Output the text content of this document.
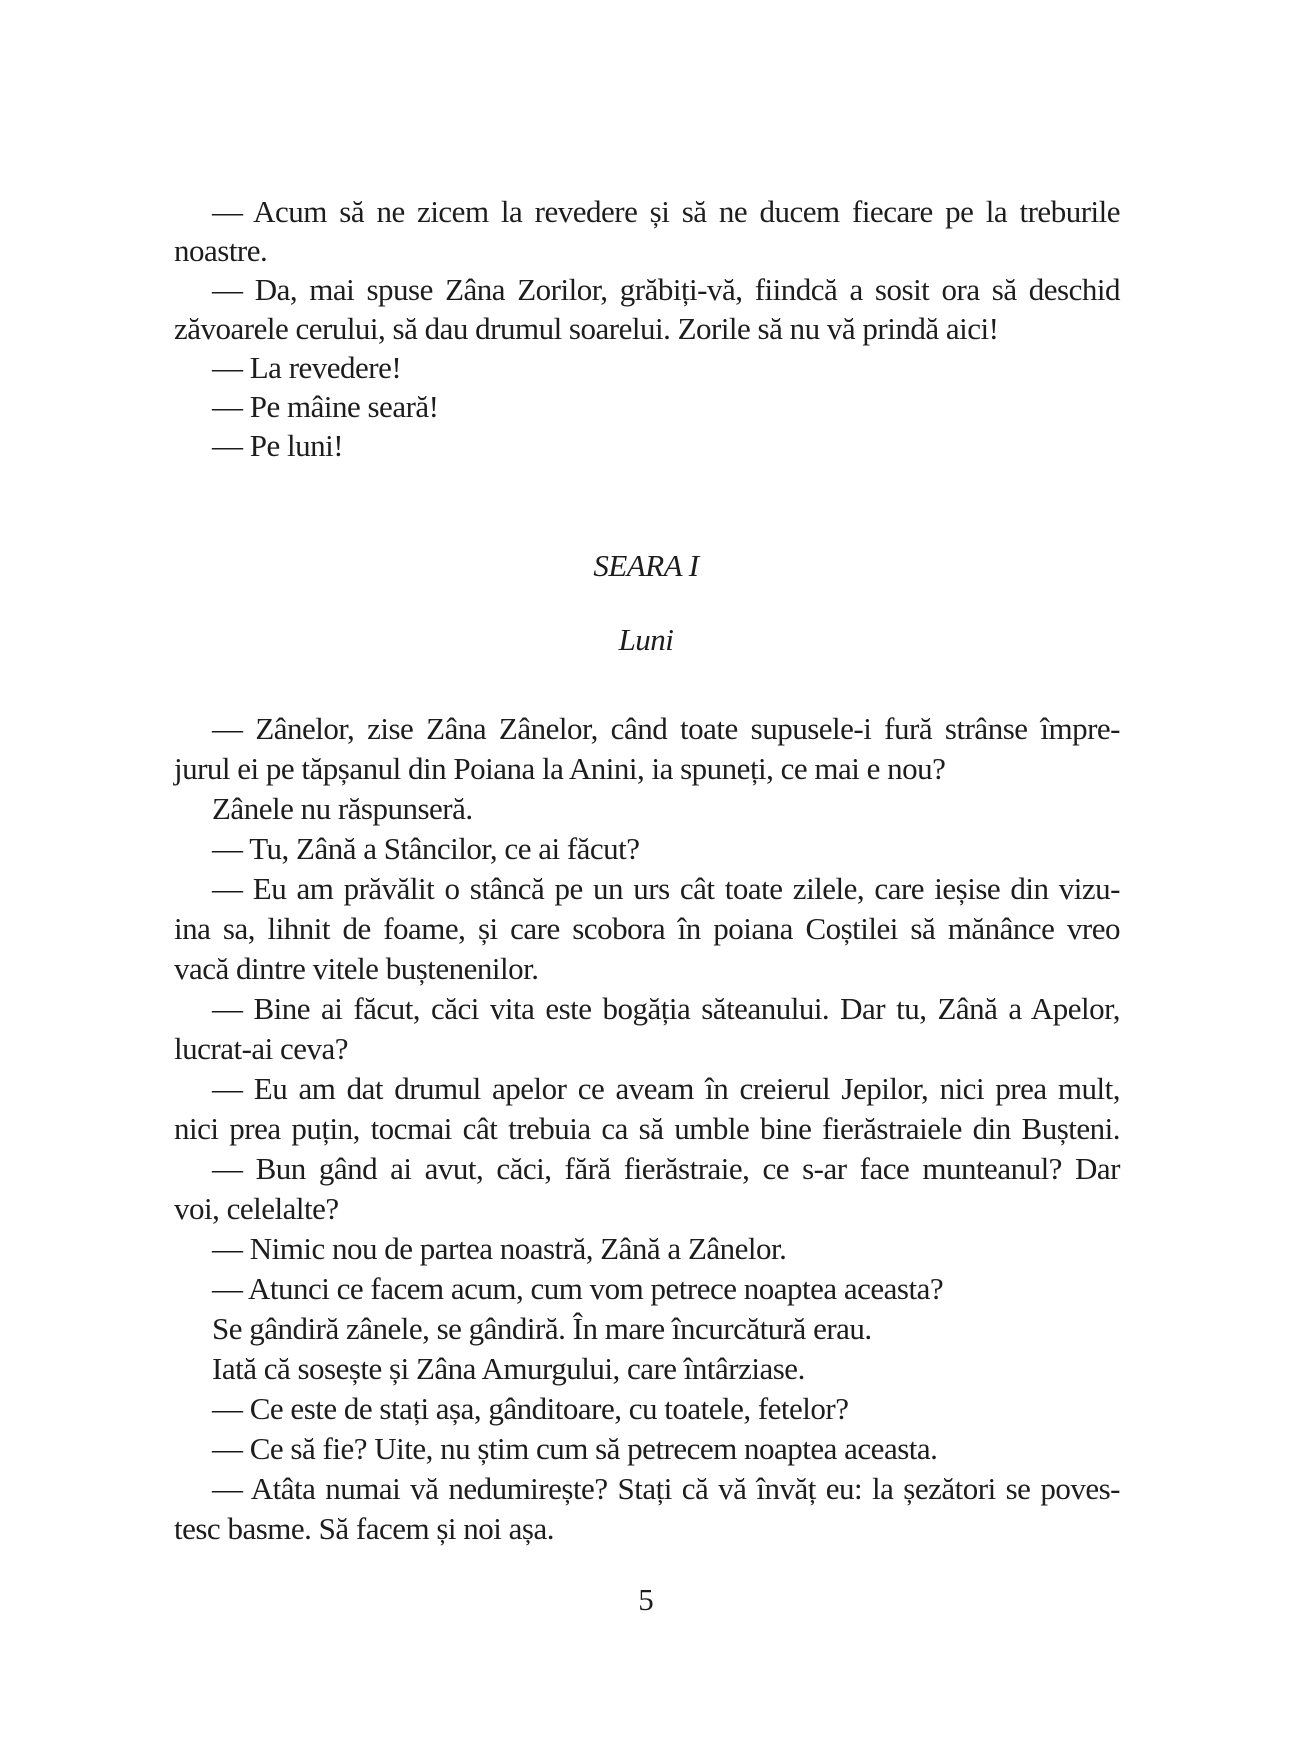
— Acum să ne zicem la revedere și să ne ducem fiecare pe la treburile
noastre.
— Da, mai spuse Zâna Zorilor, grăbiți-vă, fiindcă a sosit ora să deschid
zăvoarele cerului, să dau drumul soarelui. Zorile să nu vă prindă aici!
— La revedere!
— Pe mâine seară!
— Pe luni!
SEARA I
Luni
— Zânelor, zise Zâna Zânelor, când toate supusele-i fură strânse împre-
jurul ei pe tăpșanul din Poiana la Anini, ia spuneți, ce mai e nou?
Zânele nu răspunseră.
— Tu, Zână a Stâncilor, ce ai făcut?
— Eu am prăvălit o stâncă pe un urs cât toate zilele, care ieșise din vizu-
ina sa, lihnit de foame, și care scobora în poiana Coștilei să mănânce vreo
vacă dintre vitele buștenenilor.
— Bine ai făcut, căci vita este bogăția săteanului. Dar tu, Zână a Apelor,
lucrat-ai ceva?
— Eu am dat drumul apelor ce aveam în creierul Jepilor, nici prea mult,
nici prea puțin, tocmai cât trebuia ca să umble bine fierăstraiele din Bușteni.
— Bun gând ai avut, căci, fără fierăstraie, ce s-ar face munteanul? Dar
voi, celelalte?
— Nimic nou de partea noastră, Zână a Zânelor.
— Atunci ce facem acum, cum vom petrece noaptea aceasta?
Se gândiră zânele, se gândiră. În mare încurcătură erau.
Iată că sosește și Zâna Amurgului, care întârziase.
— Ce este de stați așa, gânditoare, cu toatele, fetelor?
— Ce să fie? Uite, nu știm cum să petrecem noaptea aceasta.
— Atâta numai vă nedumirește? Stați că vă învăț eu: la șezători se poves-
tesc basme. Să facem și noi așa.
5
